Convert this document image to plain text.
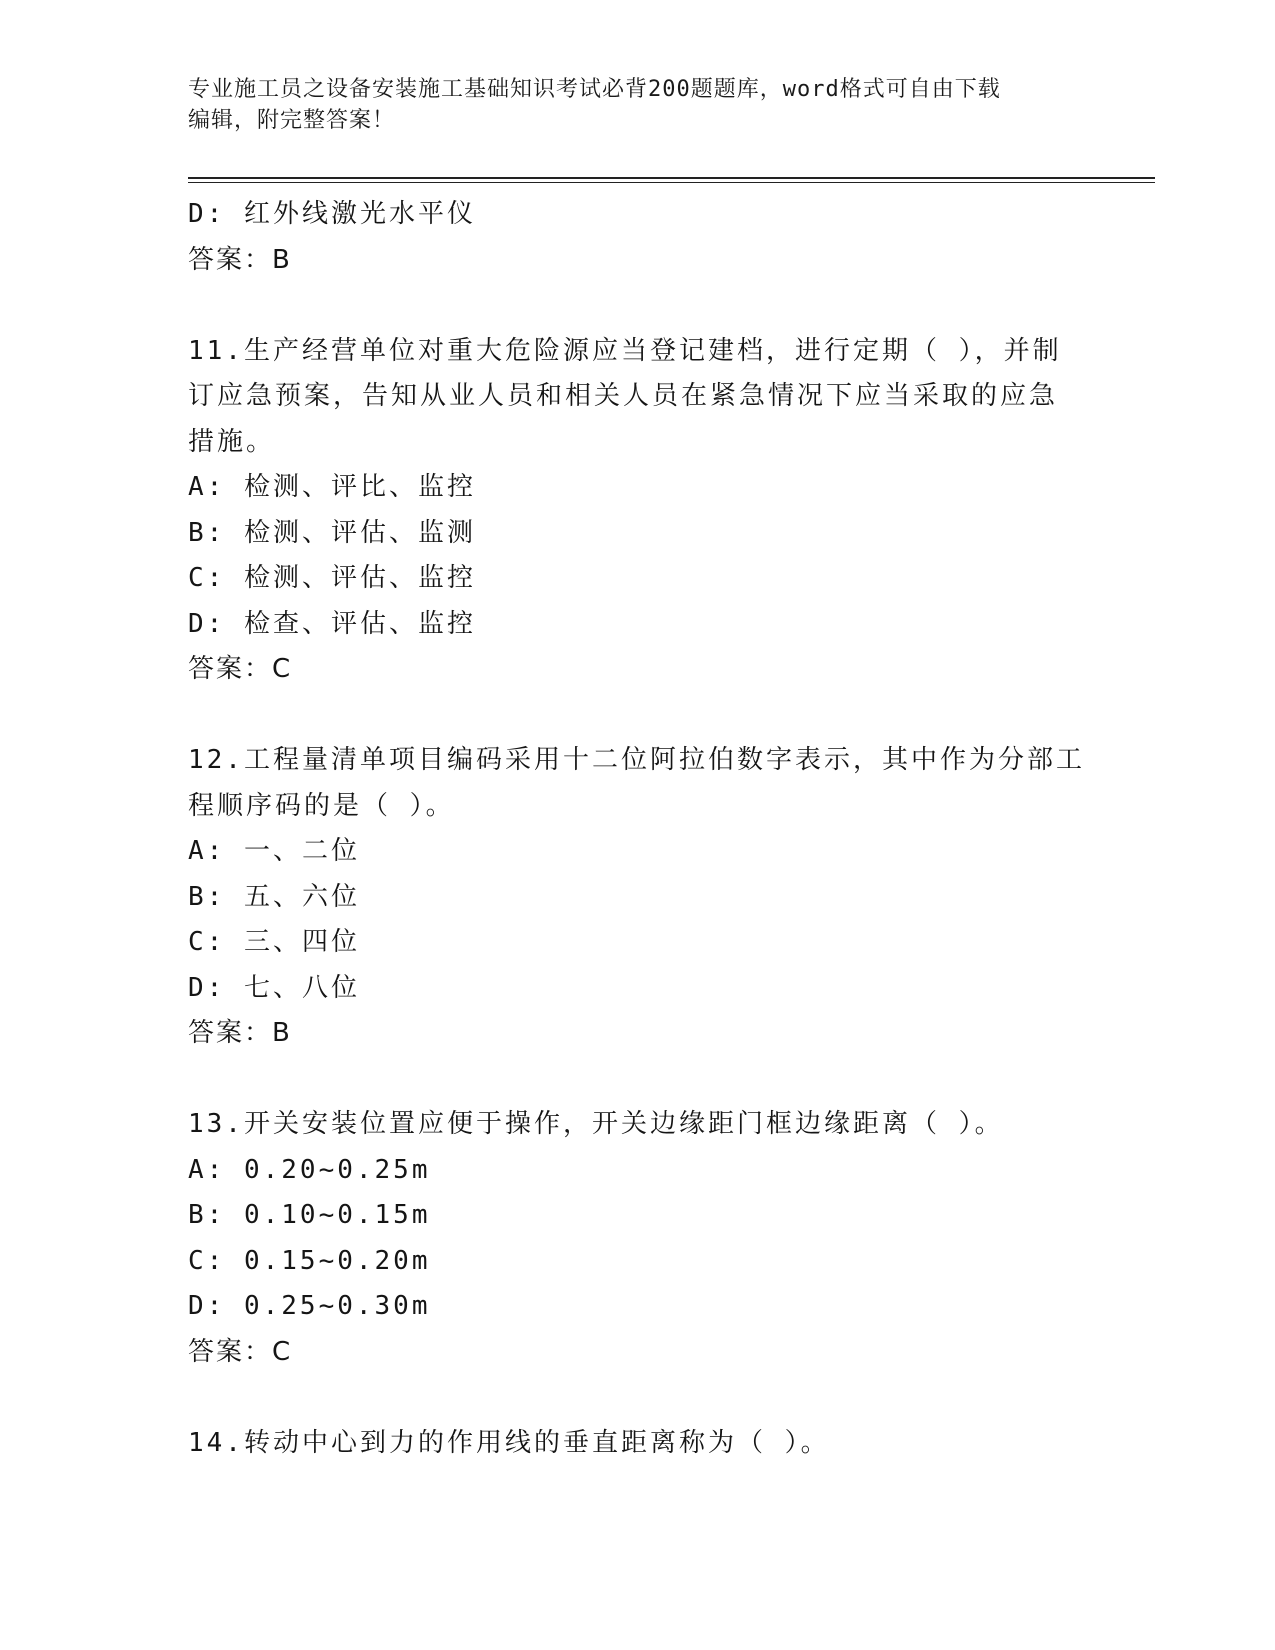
专业施工员之设备安装施工基础知识考试必背200题题库，word格式可自由下载
编辑，附完整答案！
D: 红外线激光水平仪
答案：B
11.生产经营单位对重大危险源应当登记建档，进行定期（ ），并制
订应急预案，告知从业人员和相关人员在紧急情况下应当采取的应急
措施。
A: 检测、评比、监控
B: 检测、评估、监测
C: 检测、评估、监控
D: 检查、评估、监控
答案：C
12.工程量清单项目编码采用十二位阿拉伯数字表示，其中作为分部工
程顺序码的是（ ）。
A: 一、二位
B: 五、六位
C: 三、四位
D: 七、八位
答案：B
13.开关安装位置应便于操作，开关边缘距门框边缘距离（ ）。
A: 0.20~0.25m
B: 0.10~0.15m
C: 0.15~0.20m
D: 0.25~0.30m
答案：C
14.转动中心到力的作用线的垂直距离称为（ ）。
